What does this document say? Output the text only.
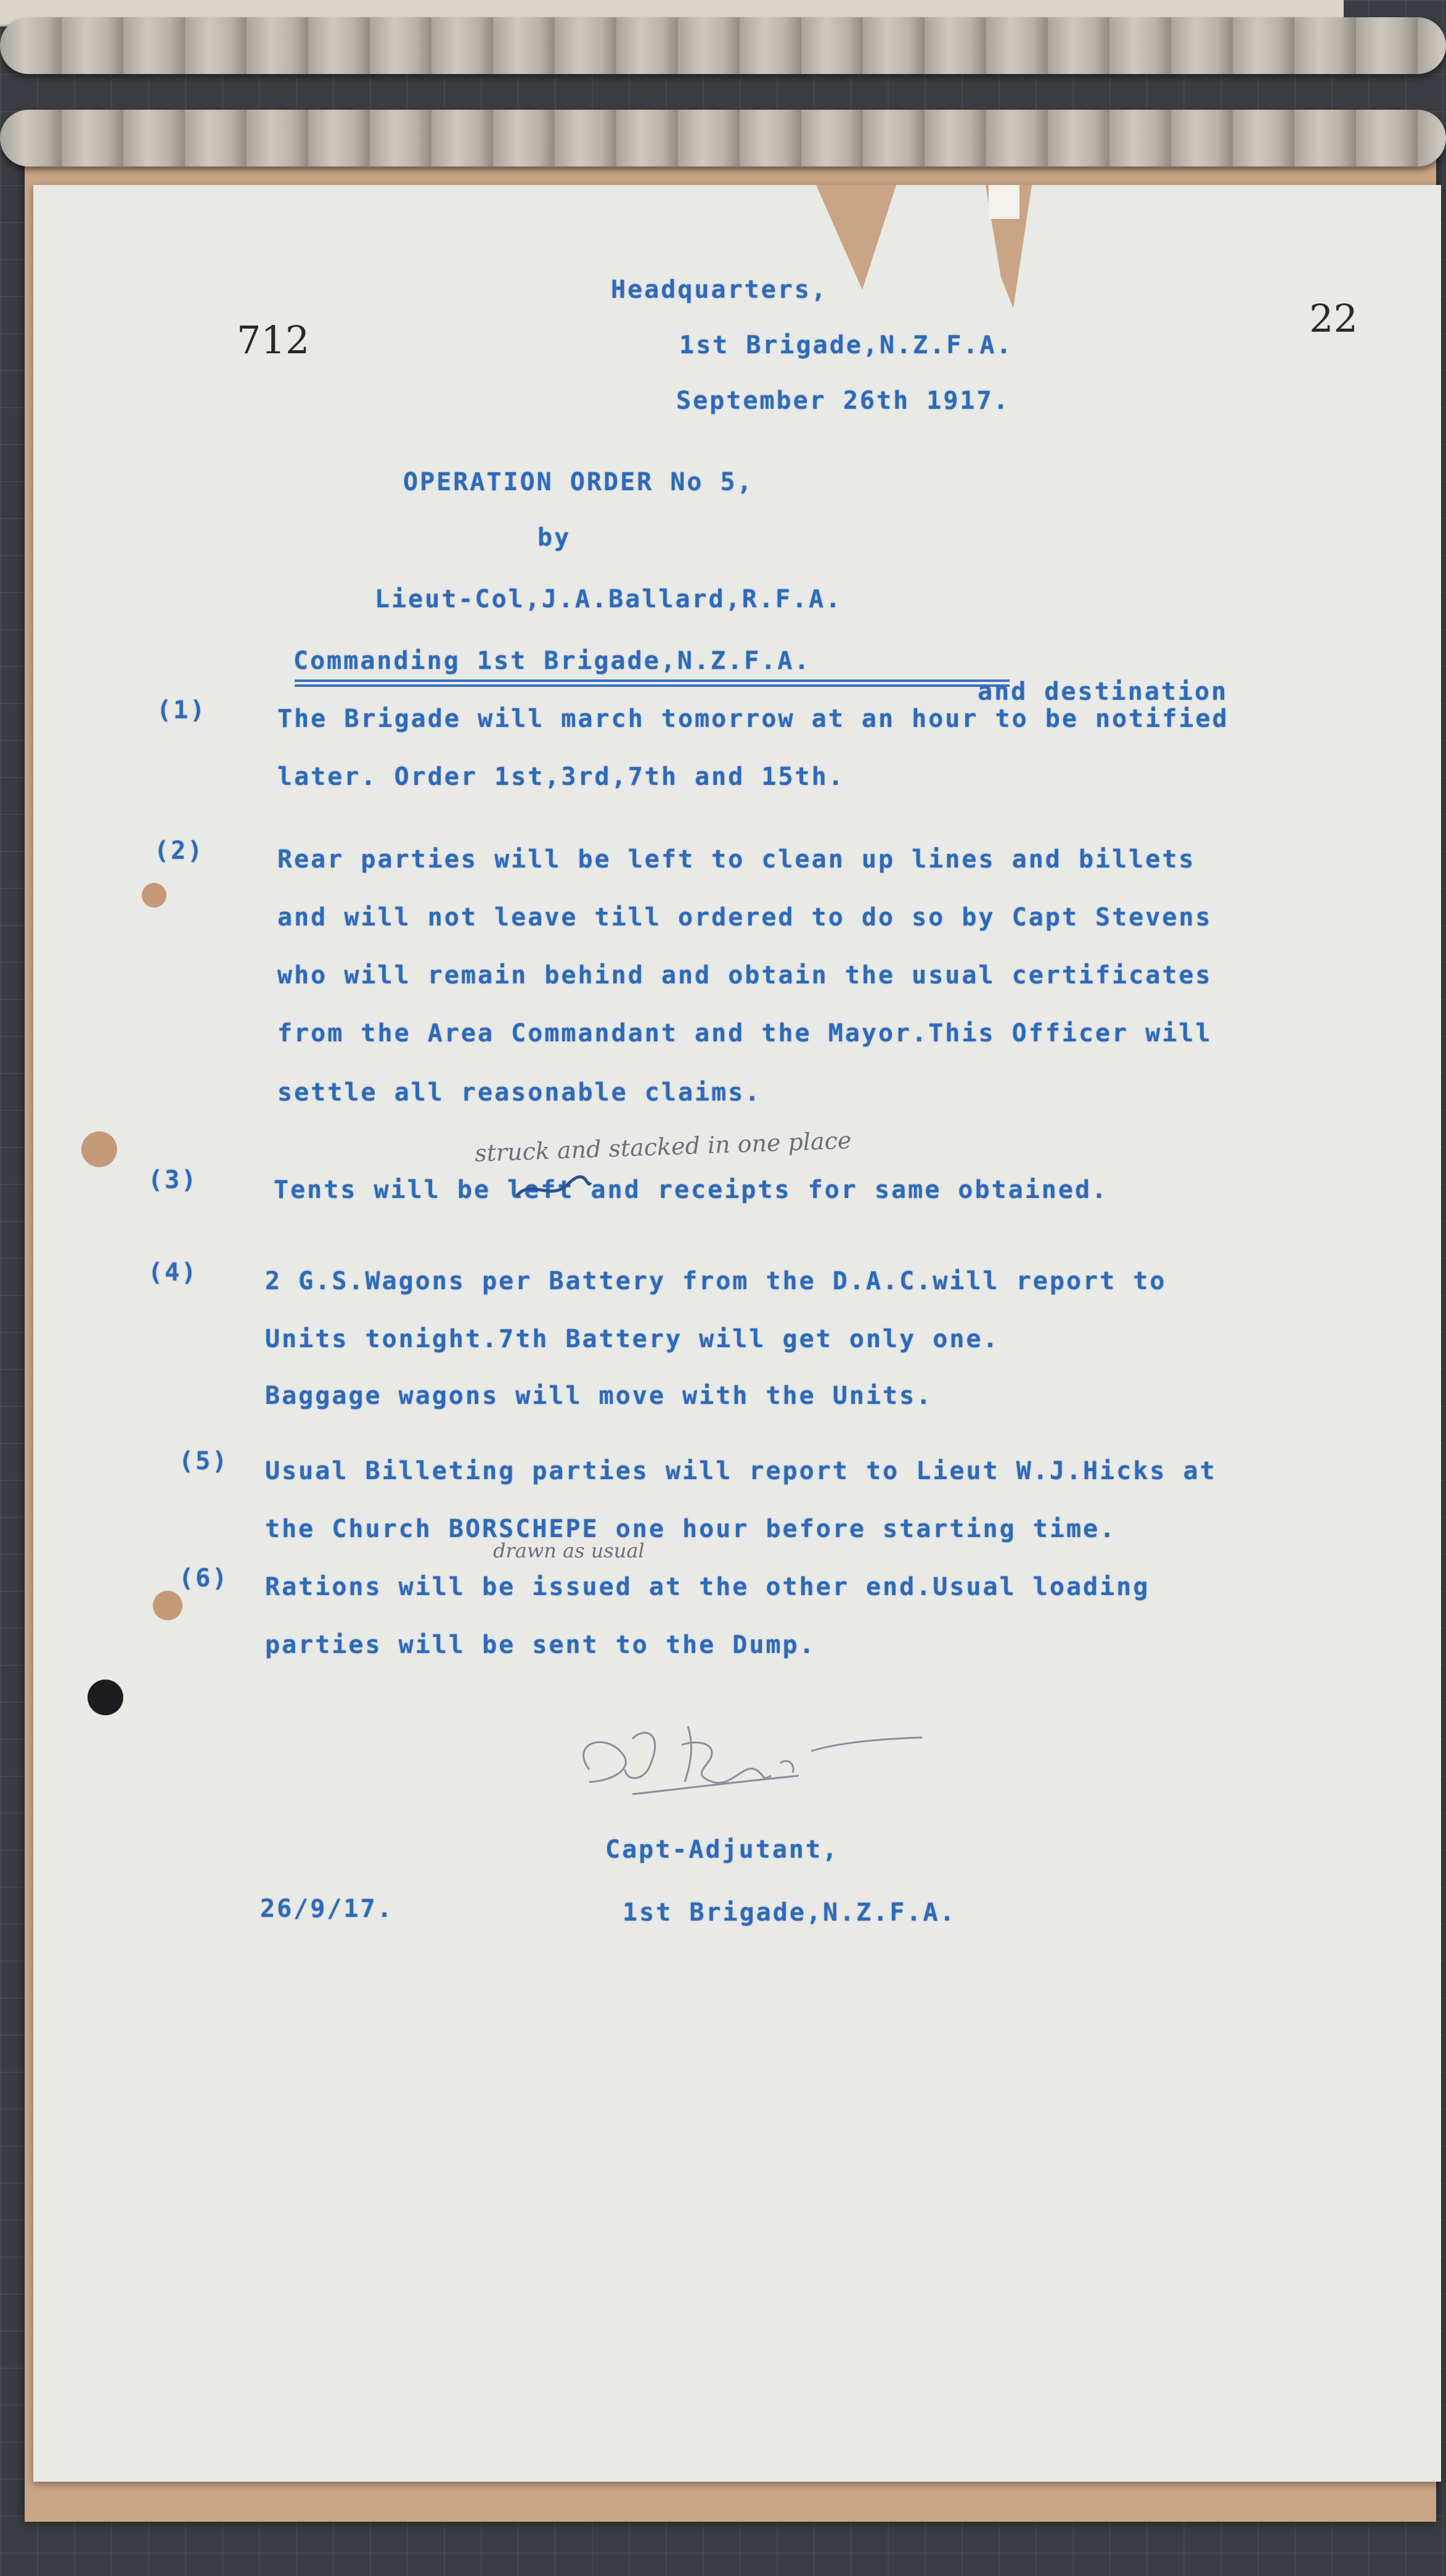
712	22
Headquarters,
1st Brigade,N.Z.F.A.
September 26th 1917.
OPERATION ORDER No 5,
by
Lieut-Col,J.A.Ballard,R.F.A.
Commanding 1st Brigade,N.Z.F.A.
and destination
(1)	The Brigade will march tomorrow at an hour to be notified
later. Order 1st,3rd,7th and 15th.
(2)	Rear parties will be left to clean up lines and billets
and will not leave till ordered to do so by Capt Stevens
who will remain behind and obtain the usual certificates
from the Area Commandant and the Mayor.This Officer will
settle all reasonable claims.
struck and stacked in one place
(3)	Tents will be left and receipts for same obtained.
(4)	2 G.S.Wagons per Battery from the D.A.C.will report to
Units tonight.7th Battery will get only one.
Baggage wagons will move with the Units.
(5) Usual Billeting parties will report to Lieut W.J.Hicks at
the Church BORSCHEPE one hour before starting time.
drawn as usual
(6) Rations will be issued at the other end.Usual loading
parties will be sent to the Dump.
Capt-Adjutant,
26/9/17.	1st Brigade,N.Z.F.A.
